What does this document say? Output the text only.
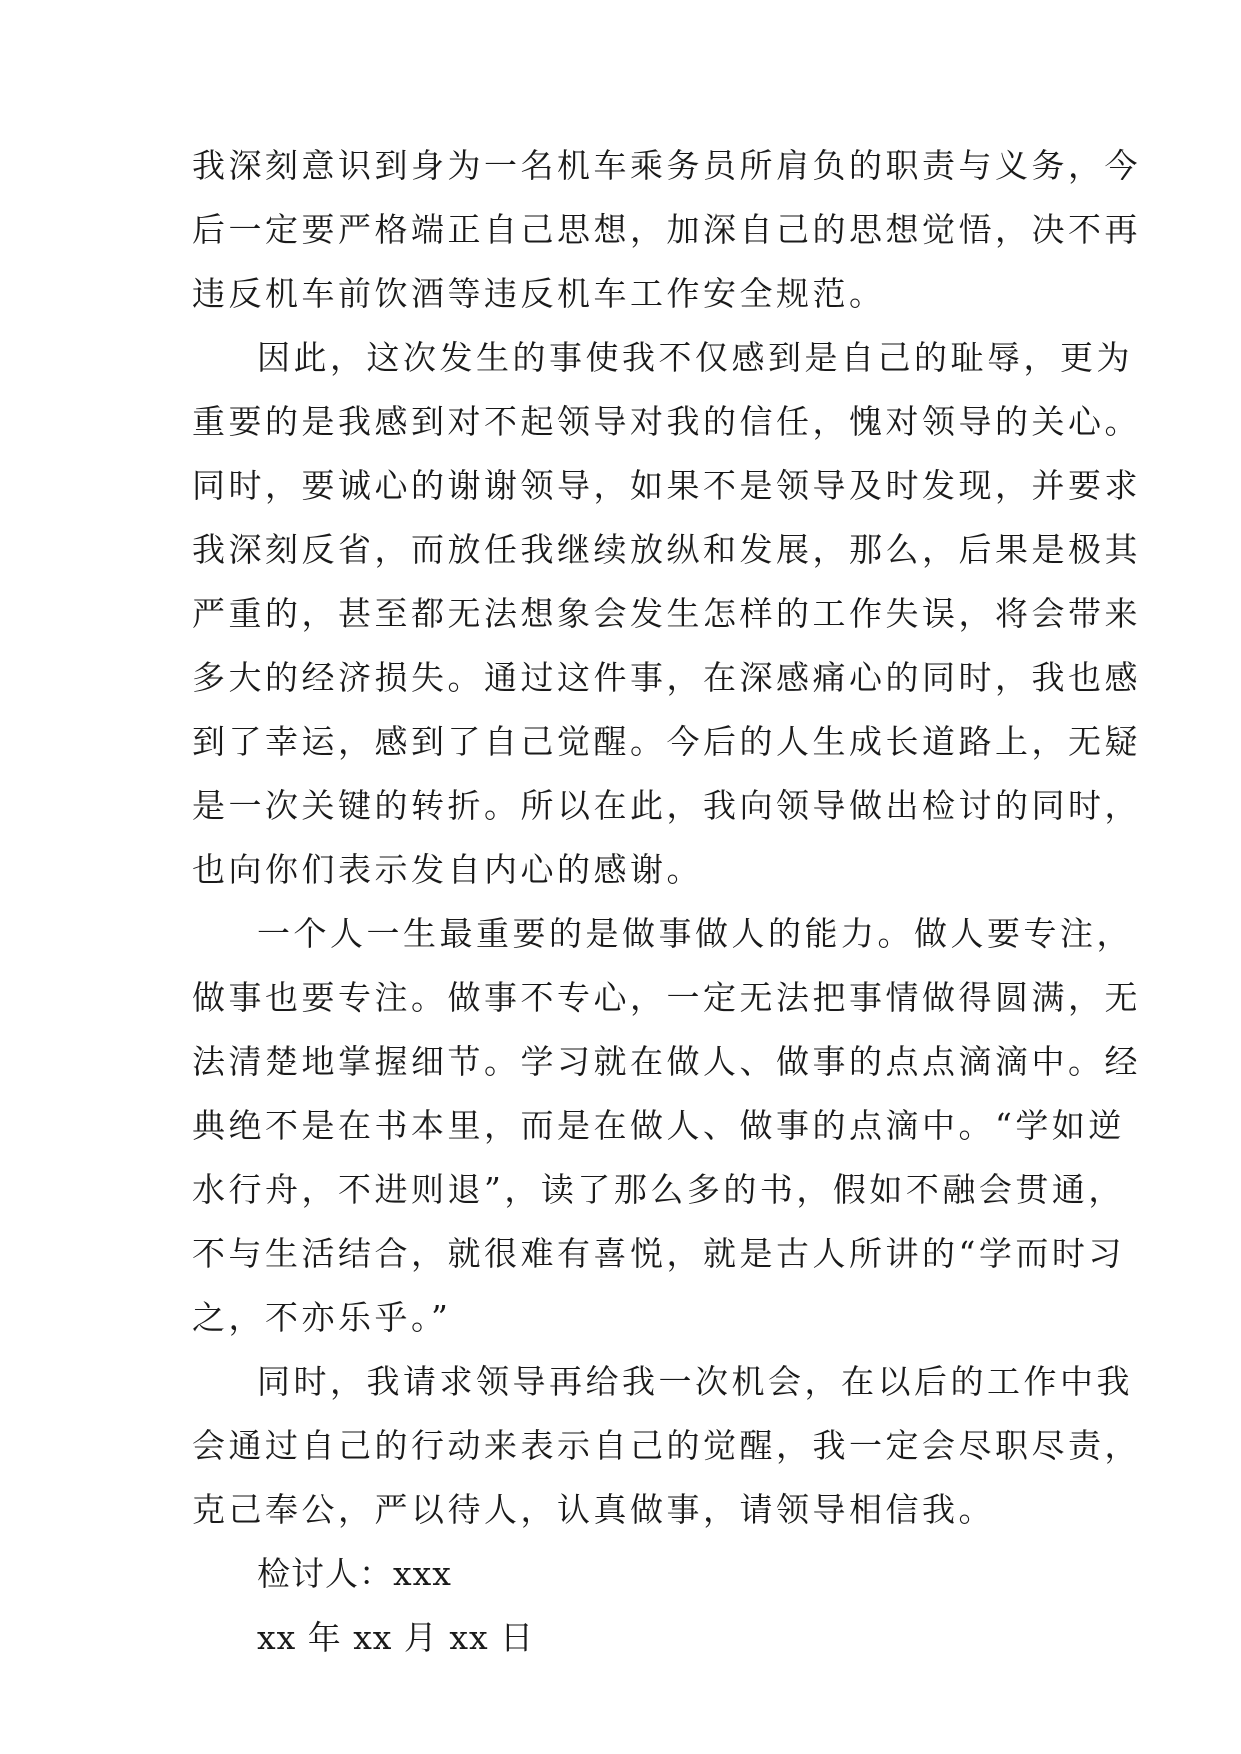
我深刻意识到身为一名机车乘务员所肩负的职责与义务，今
后一定要严格端正自己思想，加深自己的思想觉悟，决不再
违反机车前饮酒等违反机车工作安全规范。
因此，这次发生的事使我不仅感到是自己的耻辱，更为
重要的是我感到对不起领导对我的信任，愧对领导的关心。
同时，要诚心的谢谢领导，如果不是领导及时发现，并要求
我深刻反省，而放任我继续放纵和发展，那么，后果是极其
严重的，甚至都无法想象会发生怎样的工作失误，将会带来
多大的经济损失。通过这件事，在深感痛心的同时，我也感
到了幸运，感到了自己觉醒。今后的人生成长道路上，无疑
是一次关键的转折。所以在此，我向领导做出检讨的同时，
也向你们表示发自内心的感谢。
一个人一生最重要的是做事做人的能力。做人要专注，
做事也要专注。做事不专心，一定无法把事情做得圆满，无
法清楚地掌握细节。学习就在做人、做事的点点滴滴中。经
典绝不是在书本里，而是在做人、做事的点滴中。“学如逆
水行舟，不进则退”，读了那么多的书，假如不融会贯通，
不与生活结合，就很难有喜悦，就是古人所讲的“学而时习
之，不亦乐乎。”
同时，我请求领导再给我一次机会，在以后的工作中我
会通过自己的行动来表示自己的觉醒，我一定会尽职尽责，
克己奉公，严以待人，认真做事，请领导相信我。
检讨人：xxx
xx 年 xx 月 xx 日
